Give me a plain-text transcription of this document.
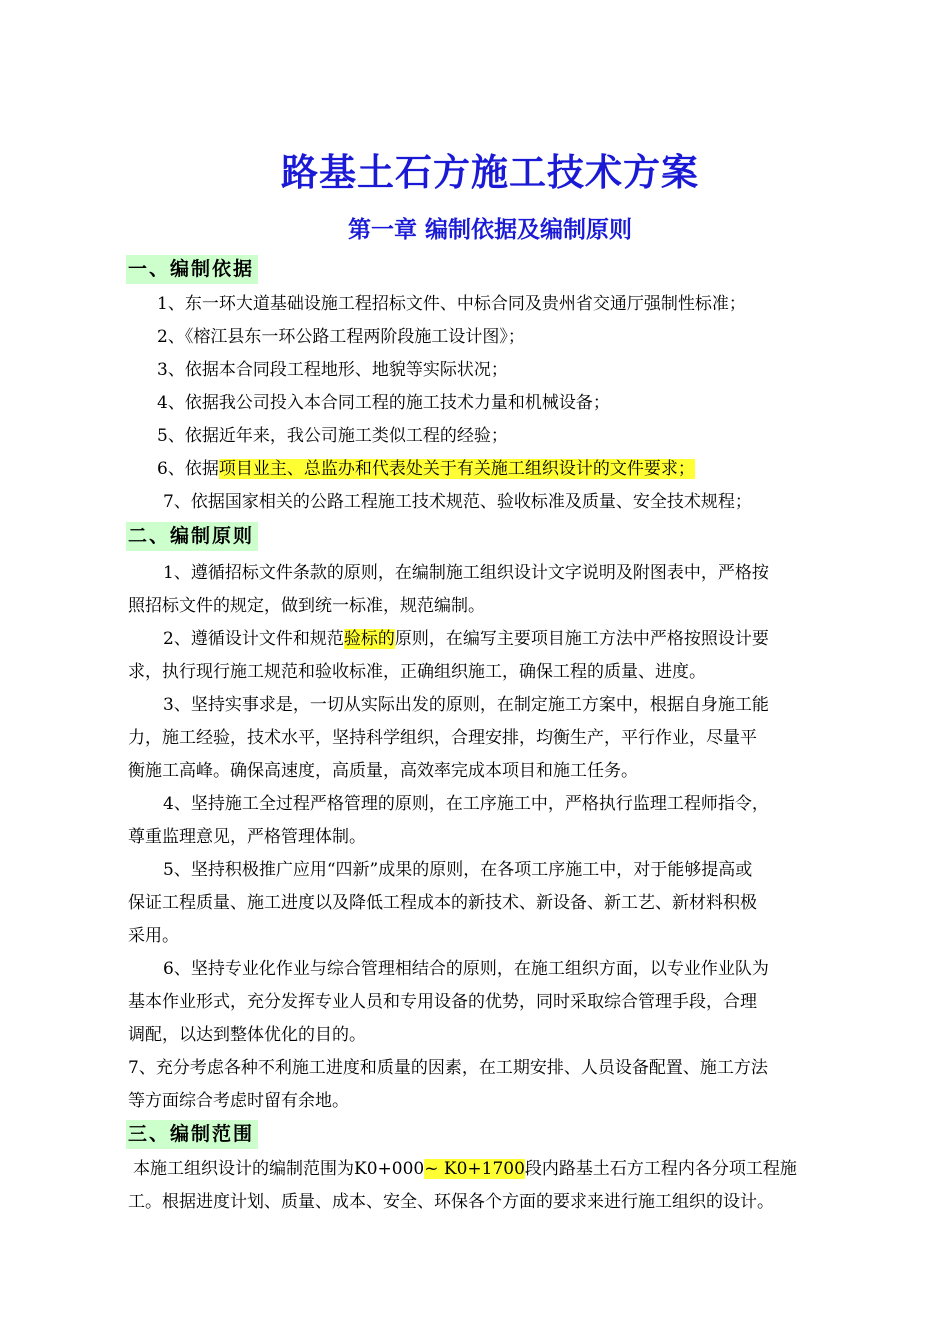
路基土石方施工技术方案
第一章 编制依据及编制原则
一、编制依据
1、东一环大道基础设施工程招标文件、中标合同及贵州省交通厅强制性标准；
2、《榕江县东一环公路工程两阶段施工设计图》；
3、依据本合同段工程地形、地貌等实际状况；
4、依据我公司投入本合同工程的施工技术力量和机械设备；
5、依据近年来，我公司施工类似工程的经验；
6、依据项目业主、总监办和代表处关于有关施工组织设计的文件要求；
7、依据国家相关的公路工程施工技术规范、验收标准及质量、安全技术规程；
二、编制原则
1、遵循招标文件条款的原则，在编制施工组织设计文字说明及附图表中，严格按
照招标文件的规定，做到统一标准，规范编制。
2、遵循设计文件和规范验标的原则，在编写主要项目施工方法中严格按照设计要
求，执行现行施工规范和验收标准，正确组织施工，确保工程的质量、进度。
3、坚持实事求是，一切从实际出发的原则，在制定施工方案中，根据自身施工能
力，施工经验，技术水平，坚持科学组织，合理安排，均衡生产，平行作业，尽量平
衡施工高峰。确保高速度，高质量，高效率完成本项目和施工任务。
4、坚持施工全过程严格管理的原则，在工序施工中，严格执行监理工程师指令，
尊重监理意见，严格管理体制。
5、坚持积极推广应用“四新”成果的原则，在各项工序施工中，对于能够提高或
保证工程质量、施工进度以及降低工程成本的新技术、新设备、新工艺、新材料积极
采用。
6、坚持专业化作业与综合管理相结合的原则，在施工组织方面，以专业作业队为
基本作业形式，充分发挥专业人员和专用设备的优势，同时采取综合管理手段，合理
调配，以达到整体优化的目的。
7、充分考虑各种不利施工进度和质量的因素，在工期安排、人员设备配置、施工方法
等方面综合考虑时留有余地。
三、编制范围
本施工组织设计的编制范围为K0+000~ K0+1700段内路基土石方工程内各分项工程施
工。根据进度计划、质量、成本、安全、环保各个方面的要求来进行施工组织的设计。
